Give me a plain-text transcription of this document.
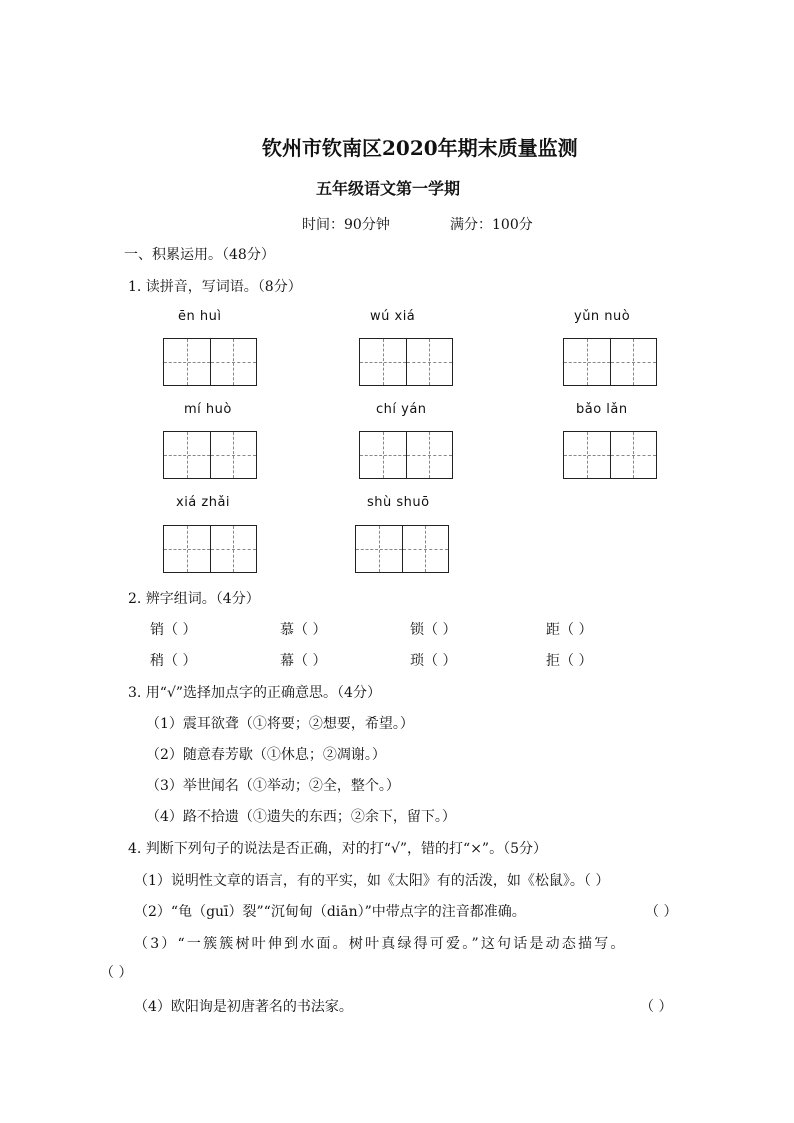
钦州市钦南区2020年期末质量监测
五年级语文第一学期
时间：90分钟	满分：100分
一、积累运用。（48分）
1. 读拼音，写词语。（8分）
ēn huì	wú xiá	yǔn nuò
mí huò	chí yán	bǎo lǎn
xiá zhǎi	shù shuō
2. 辨字组词。（4分）
销（ ）	慕（ ）	锁（ ）	距（ ）
稍（ ）	幕（ ）	琐（ ）	拒（ ）
3. 用“√”选择加点字的正确意思。（4分）
（1）震耳欲聋（①将要；②想要，希望。）
（2）随意春芳歇（①休息；②凋谢。）
（3）举世闻名（①举动；②全，整个。）
（4）路不拾遗（①遗失的东西；②余下，留下。）
4. 判断下列句子的说法是否正确，对的打“√”，错的打“×”。（5分）
（1）说明性文章的语言，有的平实，如《太阳》有的活泼，如《松鼠》。（ ）
（2）“龟（guī）裂”“沉甸甸（diān）”中带点字的注音都准确。	（ ）
（3）“一簇簇树叶伸到水面。树叶真绿得可爱。”这句话是动态描写。
（ ）
（4）欧阳询是初唐著名的书法家。	（ ）
